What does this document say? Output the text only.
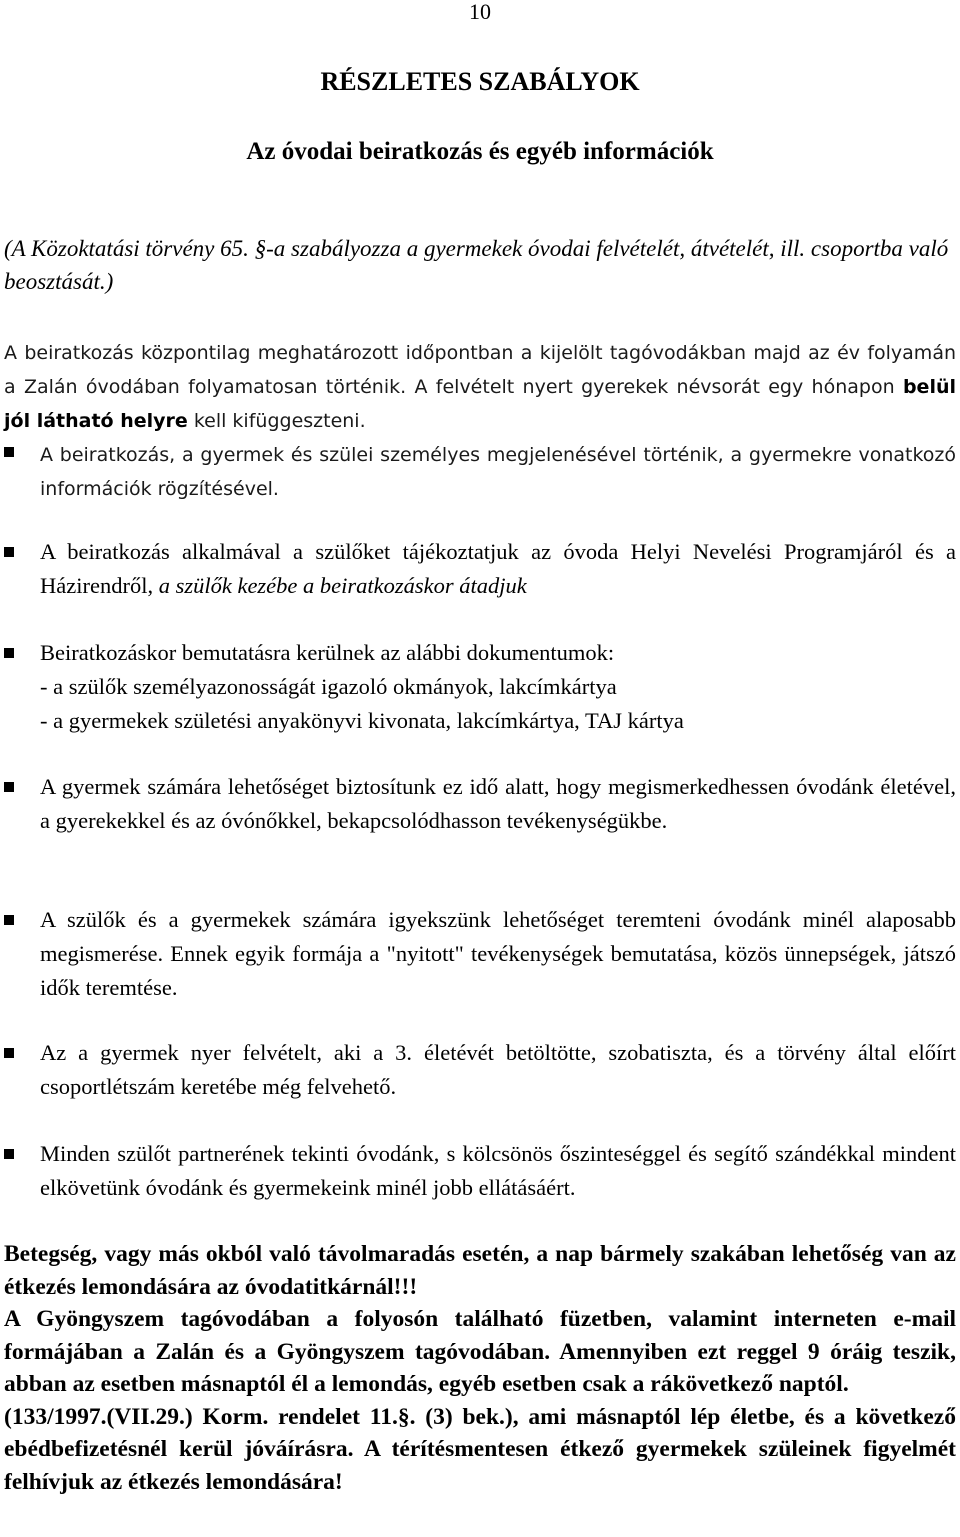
10
RÉSZLETES SZABÁLYOK
Az óvodai beiratkozás és egyéb információk
(A Közoktatási törvény 65. §-a szabályozza a gyermekek óvodai felvételét, átvételét, ill. csoportba való beosztását.)
A beiratkozás központilag meghatározott időpontban a kijelölt tagóvodákban majd az év folyamán a Zalán óvodában folyamatosan történik. A felvételt nyert gyerekek névsorát egy hónapon belül jól látható helyre kell kifüggeszteni.
A beiratkozás, a gyermek és szülei személyes megjelenésével történik, a gyermekre vonatkozó információk rögzítésével.
A beiratkozás alkalmával a szülőket tájékoztatjuk az óvoda Helyi Nevelési Programjáról és a Házirendről, a szülők kezébe a beiratkozáskor átadjuk
Beiratkozáskor bemutatásra kerülnek az alábbi dokumentumok:
- a szülők személyazonosságát igazoló okmányok, lakcímkártya
- a gyermekek születési anyakönyvi kivonata, lakcímkártya, TAJ kártya
A gyermek számára lehetőséget biztosítunk ez idő alatt, hogy megismerkedhessen óvodánk életével, a gyerekekkel és az óvónőkkel, bekapcsolódhasson tevékenységükbe.
A szülők és a gyermekek számára igyekszünk lehetőséget teremteni óvodánk minél alaposabb megismerése. Ennek egyik formája a "nyitott" tevékenységek bemutatása, közös ünnepségek, játszó idők teremtése.
Az a gyermek nyer felvételt, aki a 3. életévét betöltötte, szobatiszta, és a törvény által előírt csoportlétszám keretébe még felvehető.
Minden szülőt partnerének tekinti óvodánk, s kölcsönös őszinteséggel és segítő szándékkal mindent elkövetünk óvodánk és gyermekeink minél jobb ellátásáért.
Betegség, vagy más okból való távolmaradás esetén, a nap bármely szakában lehetőség van az étkezés lemondására az óvodatitkárnál!!!
A Gyöngyszem tagóvodában a folyosón található füzetben, valamint interneten e-mail formájában a Zalán és a Gyöngyszem tagóvodában. Amennyiben ezt reggel 9 óráig teszik, abban az esetben másnaptól él a lemondás, egyéb esetben csak a rákövetkező naptól.
(133/1997.(VII.29.) Korm. rendelet 11.§. (3) bek.), ami másnaptól lép életbe, és a következő ebédbefizetésnél kerül jóváírásra. A térítésmentesen étkező gyermekek szüleinek figyelmét felhívjuk az étkezés lemondására!
